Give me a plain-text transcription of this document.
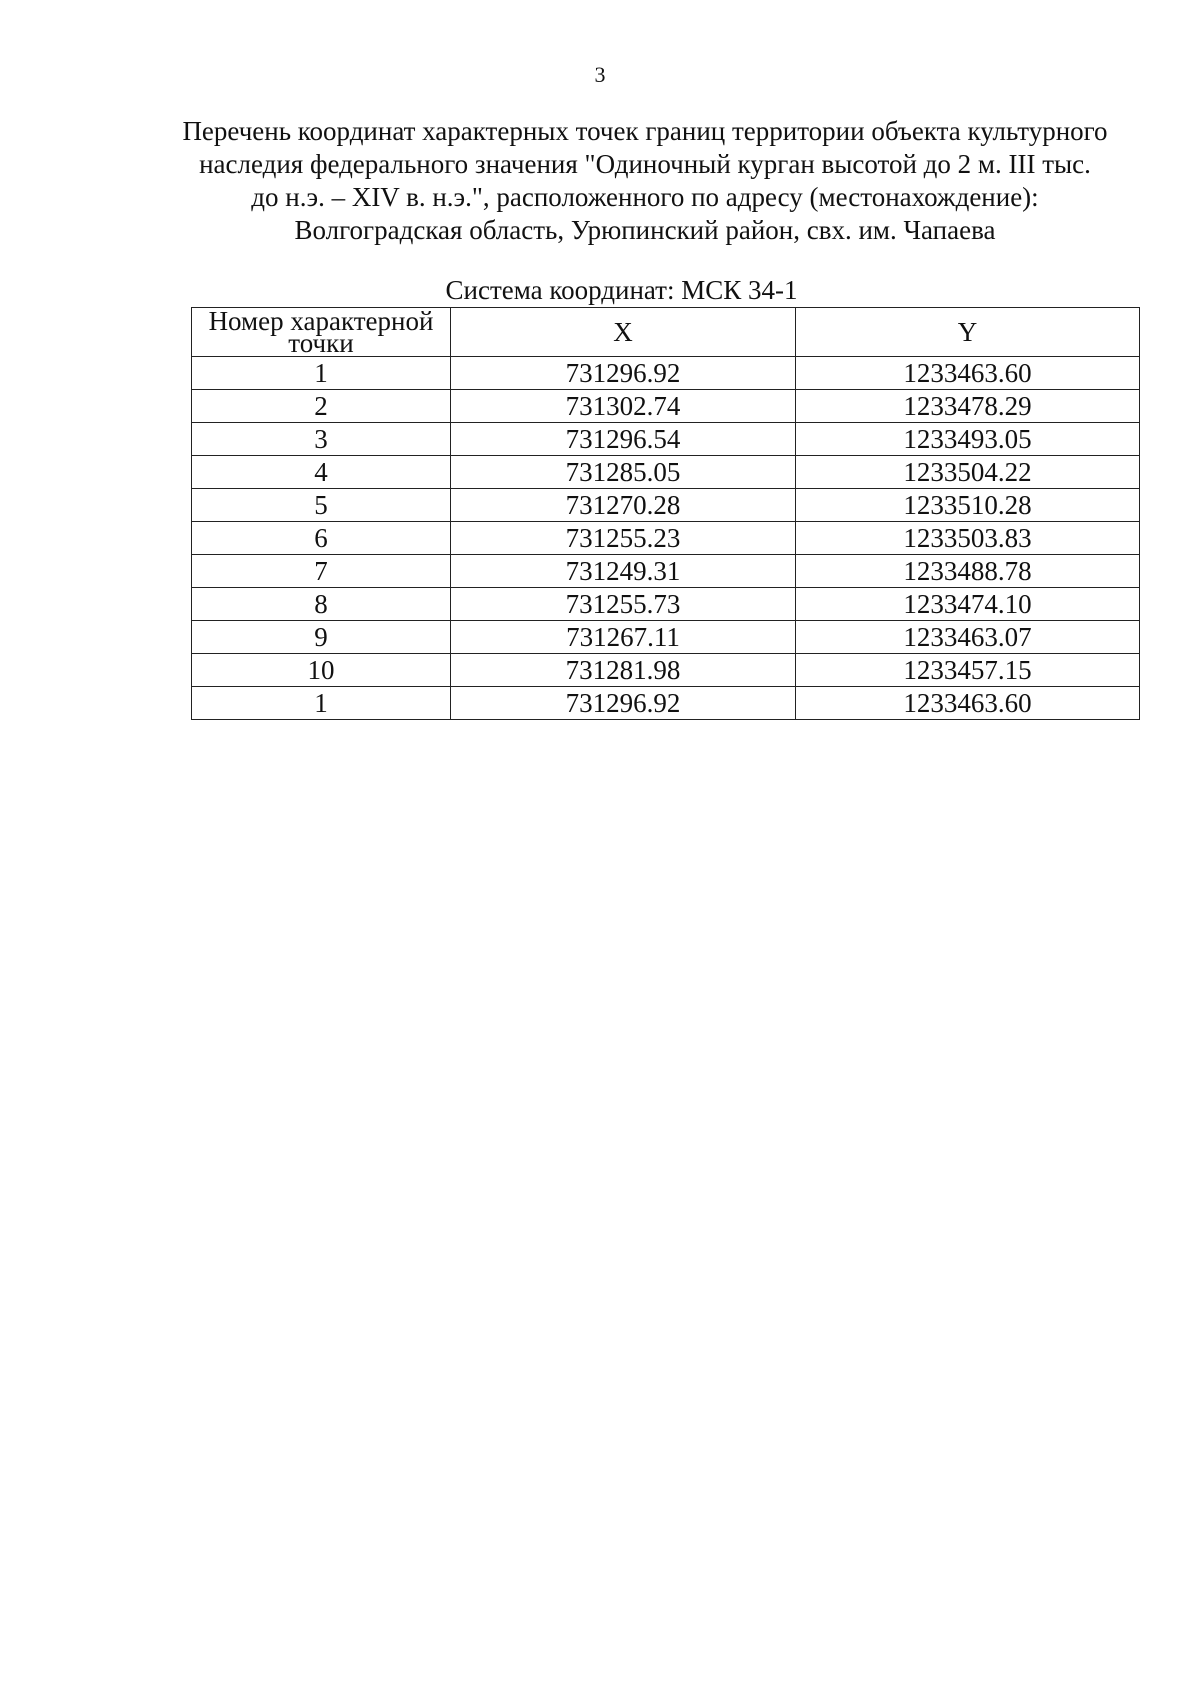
3
Перечень координат характерных точек границ территории объекта культурного
наследия федерального значения "Одиночный курган высотой до 2 м. III тыс.
до н.э. – XIV в. н.э.", расположенного по адресу (местонахождение):
Волгоградская область, Урюпинский район, свх. им. Чапаева
Система координат: МСК 34-1
Номер характерной точки	X	Y
1	731296.92	1233463.60
2	731302.74	1233478.29
3	731296.54	1233493.05
4	731285.05	1233504.22
5	731270.28	1233510.28
6	731255.23	1233503.83
7	731249.31	1233488.78
8	731255.73	1233474.10
9	731267.11	1233463.07
10	731281.98	1233457.15
1	731296.92	1233463.60
